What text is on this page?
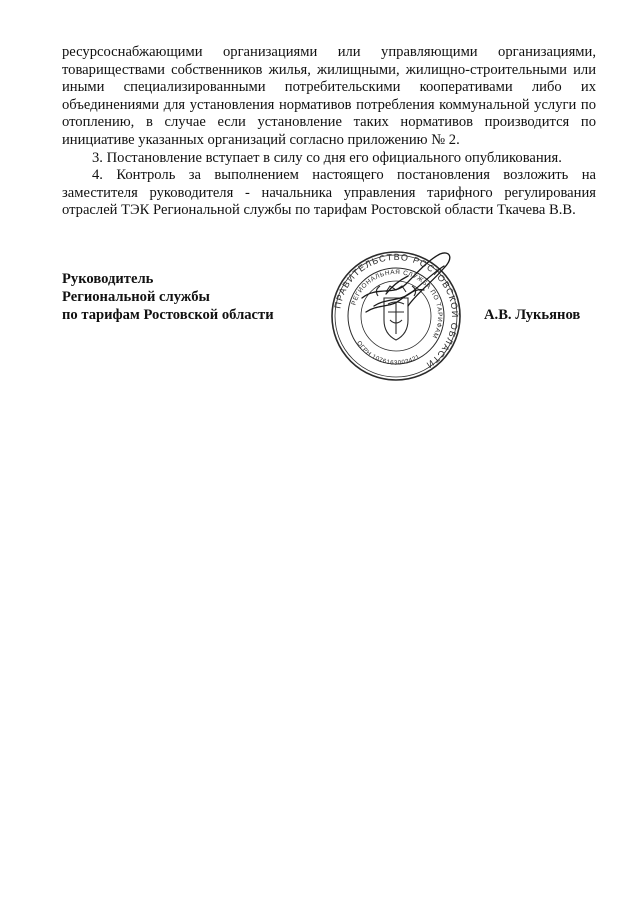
ресурсоснабжающими организациями или управляющими организациями, товариществами собственников жилья, жилищными, жилищно-строительными или иными специализированными потребительскими кооперативами либо их объединениями для установления нормативов потребления коммунальной услуги по отоплению, в случае если установление таких нормативов производится по инициативе указанных организаций согласно приложению № 2.

3. Постановление вступает в силу со дня его официального опубликования.

4. Контроль за выполнением настоящего постановления возложить на заместителя руководителя - начальника управления тарифного регулирования отраслей ТЭК Региональной службы по тарифам Ростовской области Ткачева В.В.

Руководитель
Региональной службы
по тарифам Ростовской области
ПРАВИТЕЛЬСТВО РОСТОВСКОЙ ОБЛАСТИ
РЕГИОНАЛЬНАЯ СЛУЖБА ПО ТАРИФАМ
ОГРН 1076163003421
А.В. Лукьянов
